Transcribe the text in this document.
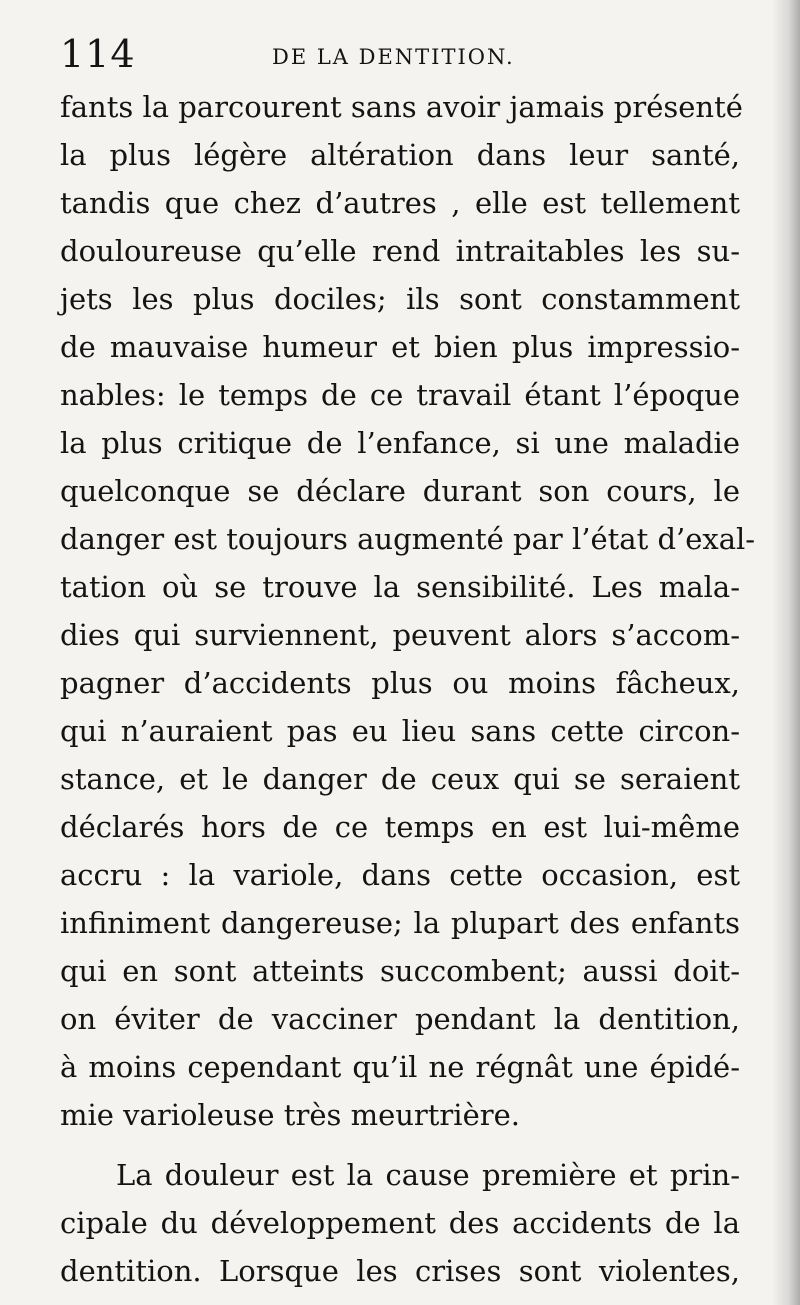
114	DE LA DENTITION.
fants la parcourent sans avoir jamais présenté
la plus légère altération dans leur santé,
tandis que chez d’autres , elle est tellement
douloureuse qu’elle rend intraitables les su-
jets les plus dociles; ils sont constamment
de mauvaise humeur et bien plus impressio-
nables: le temps de ce travail étant l’époque
la plus critique de l’enfance, si une maladie
quelconque se déclare durant son cours, le
danger est toujours augmenté par l’état d’exal-
tation où se trouve la sensibilité. Les mala-
dies qui surviennent, peuvent alors s’accom-
pagner d’accidents plus ou moins fâcheux,
qui n’auraient pas eu lieu sans cette circon-
stance, et le danger de ceux qui se seraient
déclarés hors de ce temps en est lui-même
accru : la variole, dans cette occasion, est
infiniment dangereuse; la plupart des enfants
qui en sont atteints succombent; aussi doit-
on éviter de vacciner pendant la dentition,
à moins cependant qu’il ne régnât une épidé-
mie varioleuse très meurtrière.
La douleur est la cause première et prin-
cipale du développement des accidents de la
dentition. Lorsque les crises sont violentes,
